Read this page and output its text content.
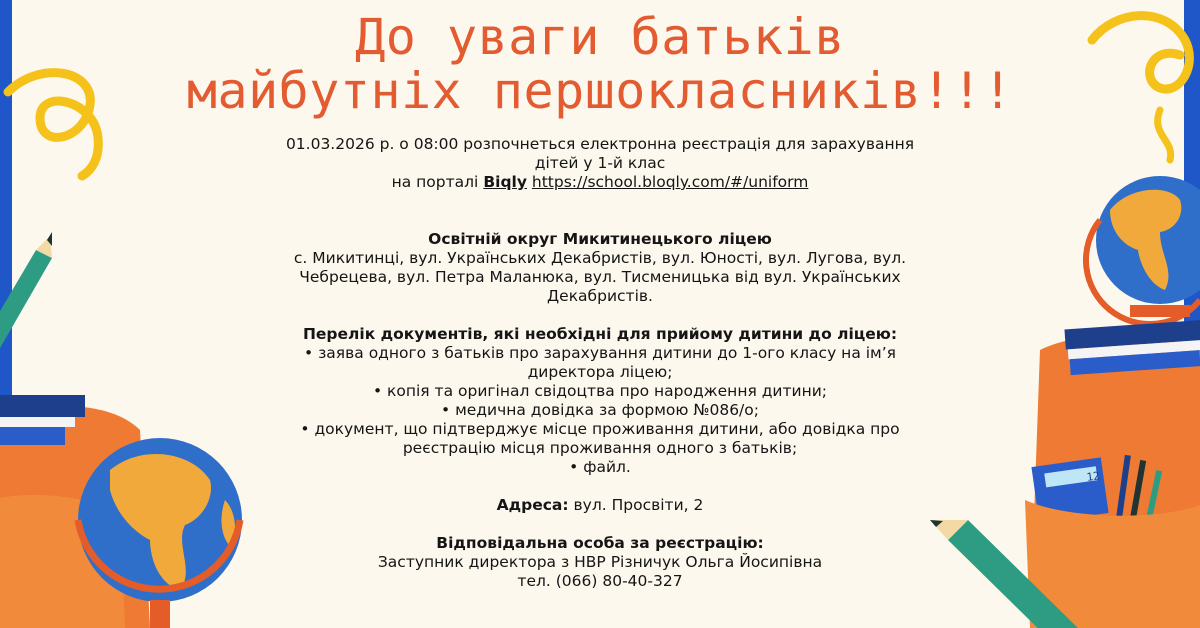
12
До уваги батьків
майбутніх першокласників!!!
01.03.2026 р. о 08:00 розпочнеться електронна реєстрація для зарахування
дітей у 1-й клас
на порталі Biqly https://school.bloqly.com/#/uniform
Освітній округ Микитинецького ліцею
с. Микитинці, вул. Українських Декабристів, вул. Юності, вул. Лугова, вул.
Чебрецева, вул. Петра Маланюка, вул. Тисменицька від вул. Українських
Декабристів.
Перелік документів, які необхідні для прийому дитини до ліцею:
• заява одного з батьків про зарахування дитини до 1-ого класу на ім’я
директора ліцею;
• копія та оригінал свідоцтва про народження дитини;
• медична довідка за формою №086/о;
• документ, що підтверджує місце проживання дитини, або довідка про
реєстрацію місця проживання одного з батьків;
• файл.
Адреса: вул. Просвіти, 2
Відповідальна особа за реєстрацію:
Заступник директора з НВР Різничук Ольга Йосипівна
тел. (066) 80-40-327
